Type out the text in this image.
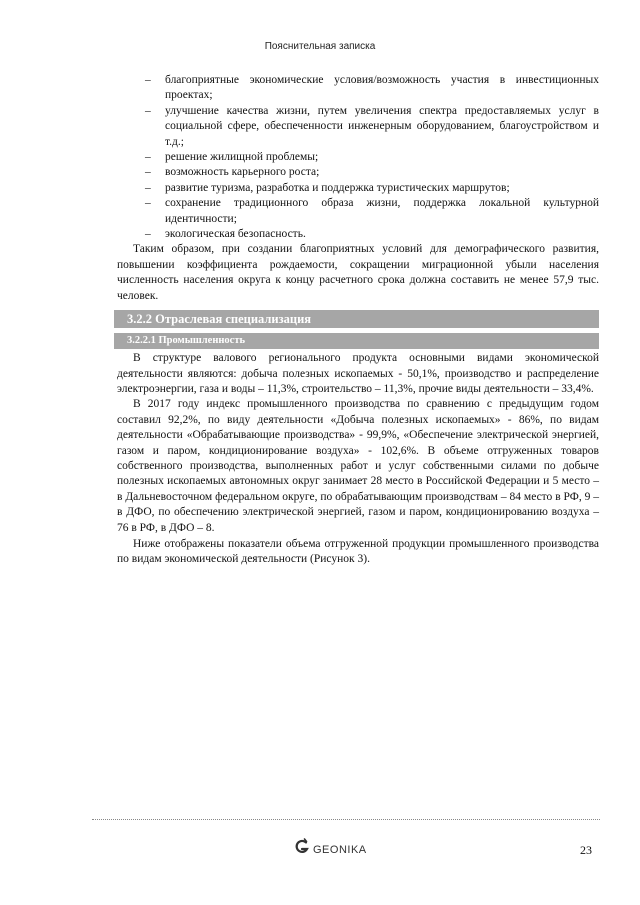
Пояснительная записка
– благоприятные экономические условия/возможность участия в инвестиционных проектах;
– улучшение качества жизни, путем увеличения спектра предоставляемых услуг в социальной сфере, обеспеченности инженерным оборудованием, благоустройством и т.д.;
– решение жилищной проблемы;
– возможность карьерного роста;
– развитие туризма, разработка и поддержка туристических маршрутов;
– сохранение традиционного образа жизни, поддержка локальной культурной идентичности;
– экологическая безопасность.

Таким образом, при создании благоприятных условий для демографического развития, повышении коэффициента рождаемости, сокращении миграционной убыли населения численность населения округа к концу расчетного срока должна составить не менее 57,9 тыс. человек.

3.2.2 Отраслевая специализация
3.2.2.1 Промышленность

В структуре валового регионального продукта основными видами экономической деятельности являются: добыча полезных ископаемых - 50,1%, производство и распределение электроэнергии, газа и воды – 11,3%, строительство – 11,3%, прочие виды деятельности – 33,4%.

В 2017 году индекс промышленного производства по сравнению с предыдущим годом составил 92,2%, по виду деятельности «Добыча полезных ископаемых» - 86%, по видам деятельности «Обрабатывающие производства» - 99,9%, «Обеспечение электрической энергией, газом и паром, кондиционирование воздуха» - 102,6%. В объеме отгруженных товаров собственного производства, выполненных работ и услуг собственными силами по добыче полезных ископаемых автономных округ занимает 28 место в Российской Федерации и 5 место – в Дальневосточном федеральном округе, по обрабатывающим производствам – 84 место в РФ, 9 – в ДФО, по обеспечению электрической энергией, газом и паром, кондиционированию воздуха – 76 в РФ, в ДФО – 8.

Ниже отображены показатели объема отгруженной продукции промышленного производства по видам экономической деятельности (Рисунок 3).

GEONIKA	23
